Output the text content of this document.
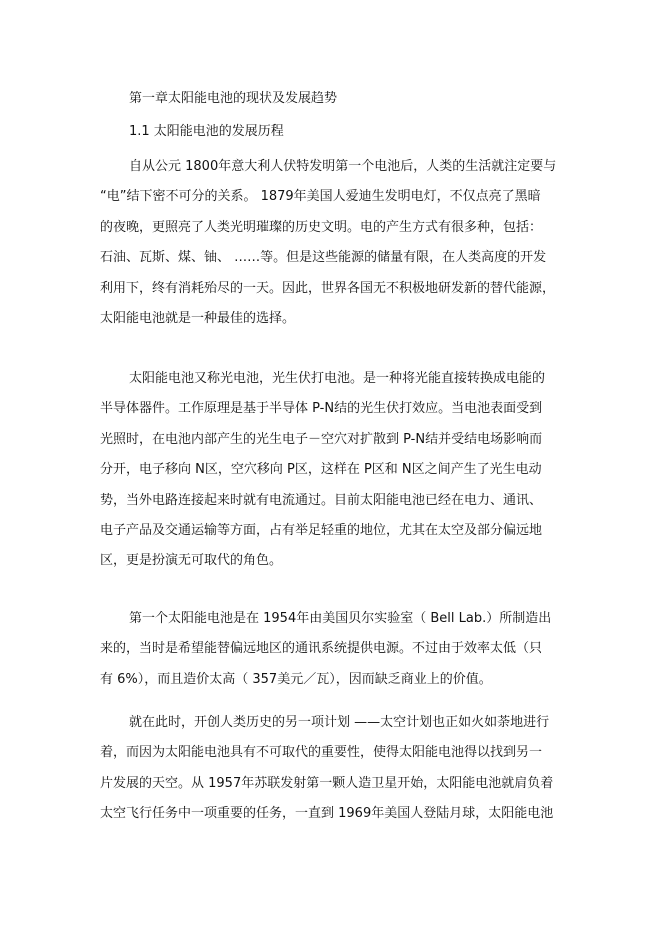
第一章太阳能电池的现状及发展趋势
1.1 太阳能电池的发展历程

自从公元 1800年意大利人伏特发明第一个电池后，人类的生活就注定要与
“电”结下密不可分的关系。 1879年美国人爱迪生发明电灯，不仅点亮了黑暗
的夜晚，更照亮了人类光明璀璨的历史文明。电的产生方式有很多种，包括：
石油、瓦斯、煤、铀、 ……等。但是这些能源的储量有限，在人类高度的开发
利用下，终有消耗殆尽的一天。因此，世界各国无不积极地研发新的替代能源，
太阳能电池就是一种最佳的选择。

太阳能电池又称光电池，光生伏打电池。是一种将光能直接转换成电能的
半导体器件。工作原理是基于半导体 P-N结的光生伏打效应。当电池表面受到
光照时，在电池内部产生的光生电子－空穴对扩散到 P-N结并受结电场影响而
分开，电子移向 N区，空穴移向 P区，这样在 P区和 N区之间产生了光生电动
势，当外电路连接起来时就有电流通过。目前太阳能电池已经在电力、通讯、
电子产品及交通运输等方面，占有举足轻重的地位，尤其在太空及部分偏远地
区，更是扮演无可取代的角色。

第一个太阳能电池是在 1954年由美国贝尔实验室（ Bell Lab.）所制造出
来的，当时是希望能替偏远地区的通讯系统提供电源。不过由于效率太低（只
有 6%），而且造价太高（ 357美元／瓦），因而缺乏商业上的价值。

就在此时，开创人类历史的另一项计划 ——太空计划也正如火如荼地进行
着，而因为太阳能电池具有不可取代的重要性，使得太阳能电池得以找到另一
片发展的天空。从 1957年苏联发射第一颗人造卫星开始，太阳能电池就肩负着
太空飞行任务中一项重要的任务，一直到 1969年美国人登陆月球，太阳能电池
